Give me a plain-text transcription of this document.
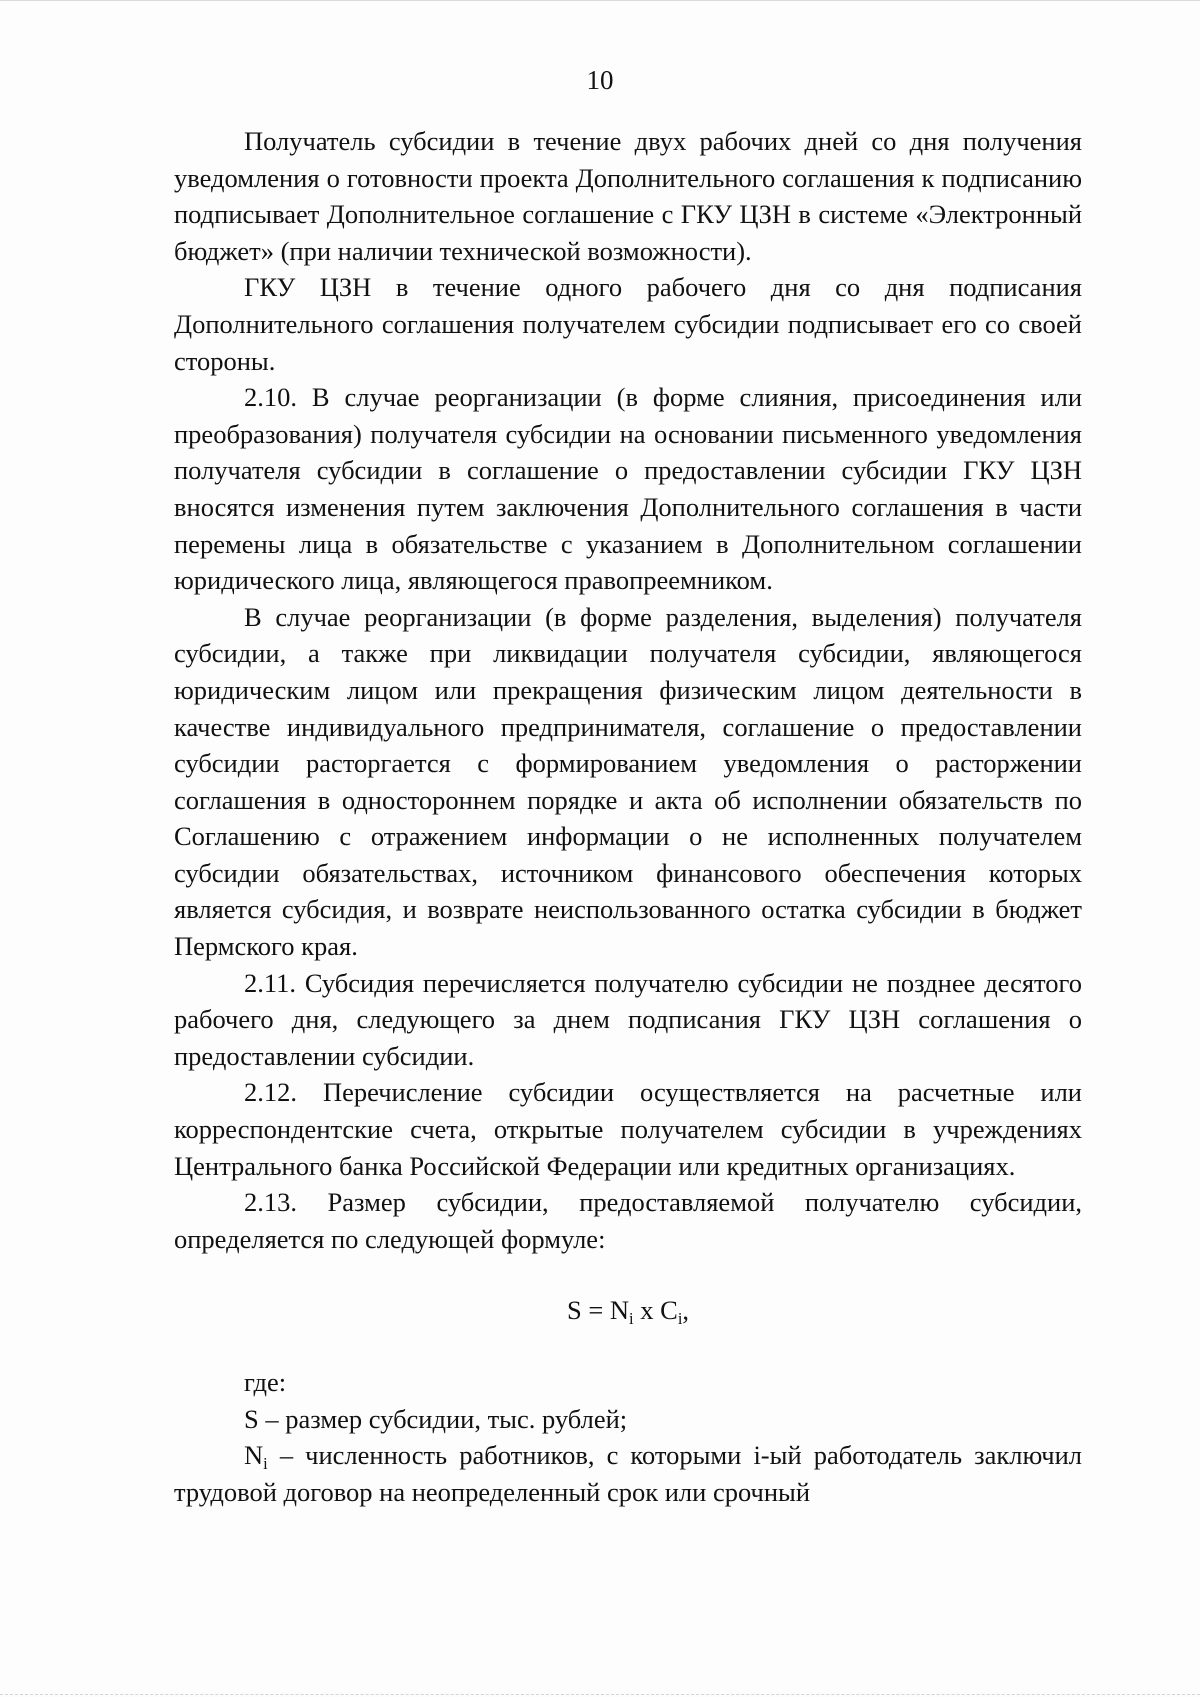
10

Получатель субсидии в течение двух рабочих дней со дня получения уведомления о готовности проекта Дополнительного соглашения к подписанию подписывает Дополнительное соглашение с ГКУ ЦЗН в системе «Электронный бюджет» (при наличии технической возможности).

ГКУ ЦЗН в течение одного рабочего дня со дня подписания Дополнительного соглашения получателем субсидии подписывает его со своей стороны.

2.10. В случае реорганизации (в форме слияния, присоединения или преобразования) получателя субсидии на основании письменного уведомления получателя субсидии в соглашение о предоставлении субсидии ГКУ ЦЗН вносятся изменения путем заключения Дополнительного соглашения в части перемены лица в обязательстве с указанием в Дополнительном соглашении юридического лица, являющегося правопреемником.

В случае реорганизации (в форме разделения, выделения) получателя субсидии, а также при ликвидации получателя субсидии, являющегося юридическим лицом или прекращения физическим лицом деятельности в качестве индивидуального предпринимателя, соглашение о предоставлении субсидии расторгается с формированием уведомления о расторжении соглашения в одностороннем порядке и акта об исполнении обязательств по Соглашению с отражением информации о не исполненных получателем субсидии обязательствах, источником финансового обеспечения которых является субсидия, и возврате неиспользованного остатка субсидии в бюджет Пермского края.

2.11. Субсидия перечисляется получателю субсидии не позднее десятого рабочего дня, следующего за днем подписания ГКУ ЦЗН соглашения о предоставлении субсидии.

2.12. Перечисление субсидии осуществляется на расчетные или корреспондентские счета, открытые получателем субсидии в учреждениях Центрального банка Российской Федерации или кредитных организациях.

2.13. Размер субсидии, предоставляемой получателю субсидии, определяется по следующей формуле:

$S = N_i$ x $C_i$,

где:

S – размер субсидии, тыс. рублей;

$N_i$ – численность работников, с которыми i-ый работодатель заключил трудовой договор на неопределенный срок или срочный
